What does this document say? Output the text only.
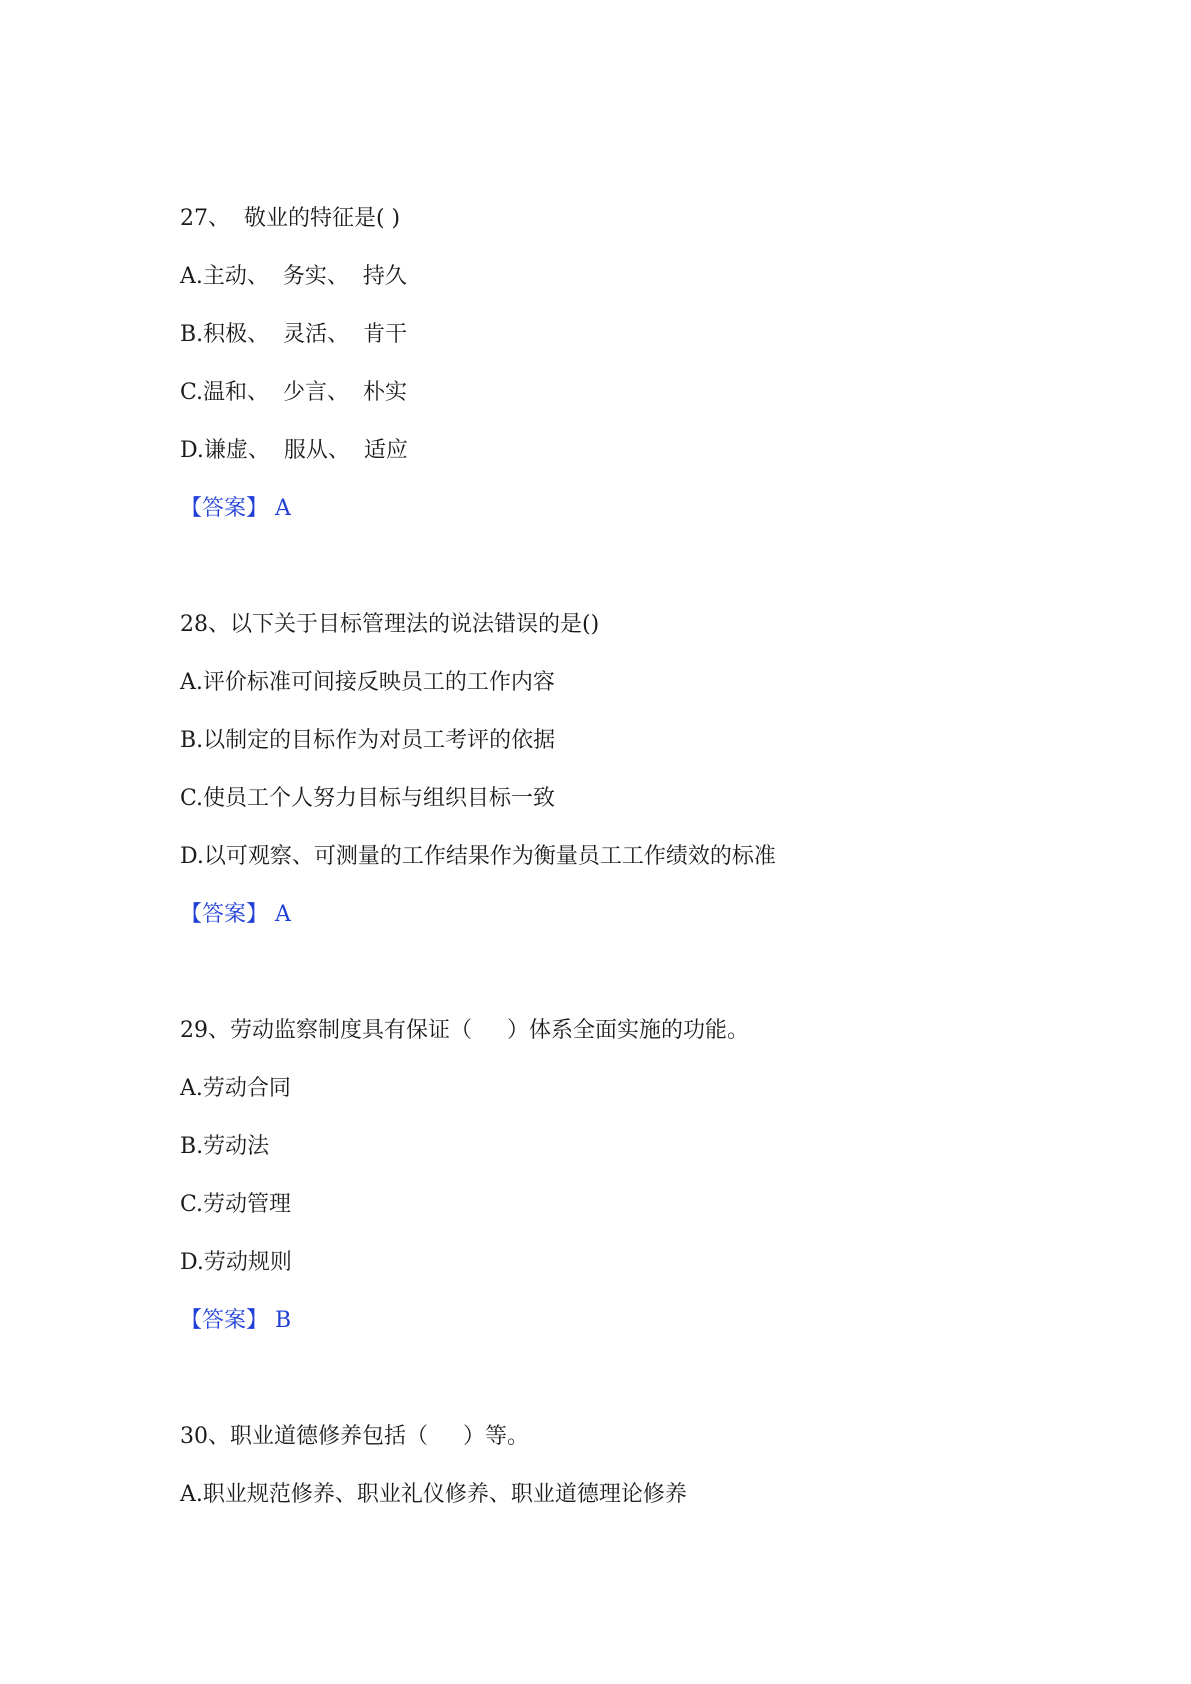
27、  敬业的特征是( )
A.主动、  务实、  持久
B.积极、  灵活、  肯干
C.温和、  少言、  朴实
D.谦虚、  服从、  适应
【答案】 A
28、以下关于目标管理法的说法错误的是()
A.评价标准可间接反映员工的工作内容
B.以制定的目标作为对员工考评的依据
C.使员工个人努力目标与组织目标一致
D.以可观察、可测量的工作结果作为衡量员工工作绩效的标准
【答案】 A
29、劳动监察制度具有保证（     ）体系全面实施的功能。
A.劳动合同
B.劳动法
C.劳动管理
D.劳动规则
【答案】 B
30、职业道德修养包括（     ）等。
A.职业规范修养、职业礼仪修养、职业道德理论修养
